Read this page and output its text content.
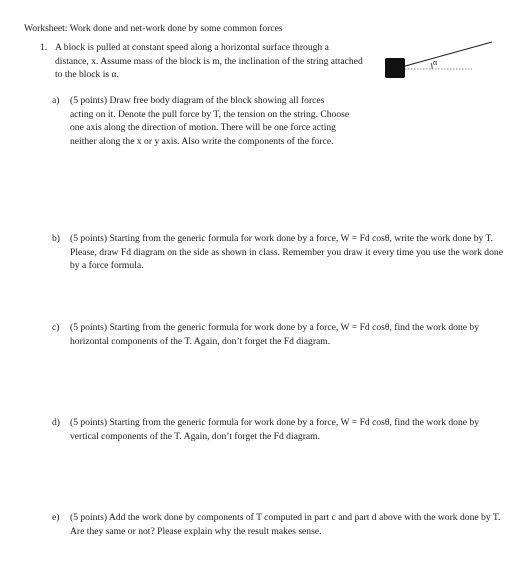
Worksheet: Work done and net-work done by some common forces
1. A block is pulled at constant speed along a horizontal surface through a distance, x. Assume mass of the block is m, the inclination of the string attached to the block is α.
α
a) (5 points) Draw free body diagram of the block showing all forces acting on it. Denote the pull force by T, the tension on the string. Choose one axis along the direction of motion. There will be one force acting neither along the x or y axis. Also write the components of the force.
b) (5 points) Starting from the generic formula for work done by a force, W = Fd cosθ, write the work done by T. Please, draw Fd diagram on the side as shown in class. Remember you draw it every time you use the work done by a force formula.
c) (5 points) Starting from the generic formula for work done by a force, W = Fd cosθ, find the work done by horizontal components of the T. Again, don’t forget the Fd diagram.
d) (5 points) Starting from the generic formula for work done by a force, W = Fd cosθ, find the work done by vertical components of the T. Again, don’t forget the Fd diagram.
e) (5 points) Add the work done by components of T computed in part c and part d above with the work done by T. Are they same or not? Please explain why the result makes sense.
